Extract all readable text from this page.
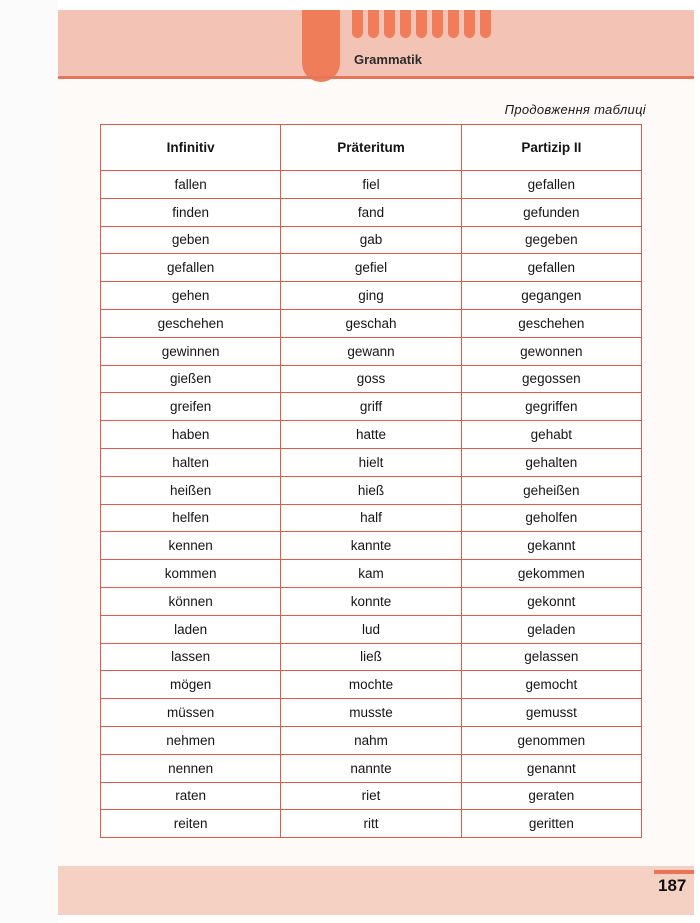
Grammatik
Продовження таблиці
Infinitiv	Präteritum	Partizip II
fallen	fiel	gefallen
finden	fand	gefunden
geben	gab	gegeben
gefallen	gefiel	gefallen
gehen	ging	gegangen
geschehen	geschah	geschehen
gewinnen	gewann	gewonnen
gießen	goss	gegossen
greifen	griff	gegriffen
haben	hatte	gehabt
halten	hielt	gehalten
heißen	hieß	geheißen
helfen	half	geholfen
kennen	kannte	gekannt
kommen	kam	gekommen
können	konnte	gekonnt
laden	lud	geladen
lassen	ließ	gelassen
mögen	mochte	gemocht
müssen	musste	gemusst
nehmen	nahm	genommen
nennen	nannte	genannt
raten	riet	geraten
reiten	ritt	geritten
187
